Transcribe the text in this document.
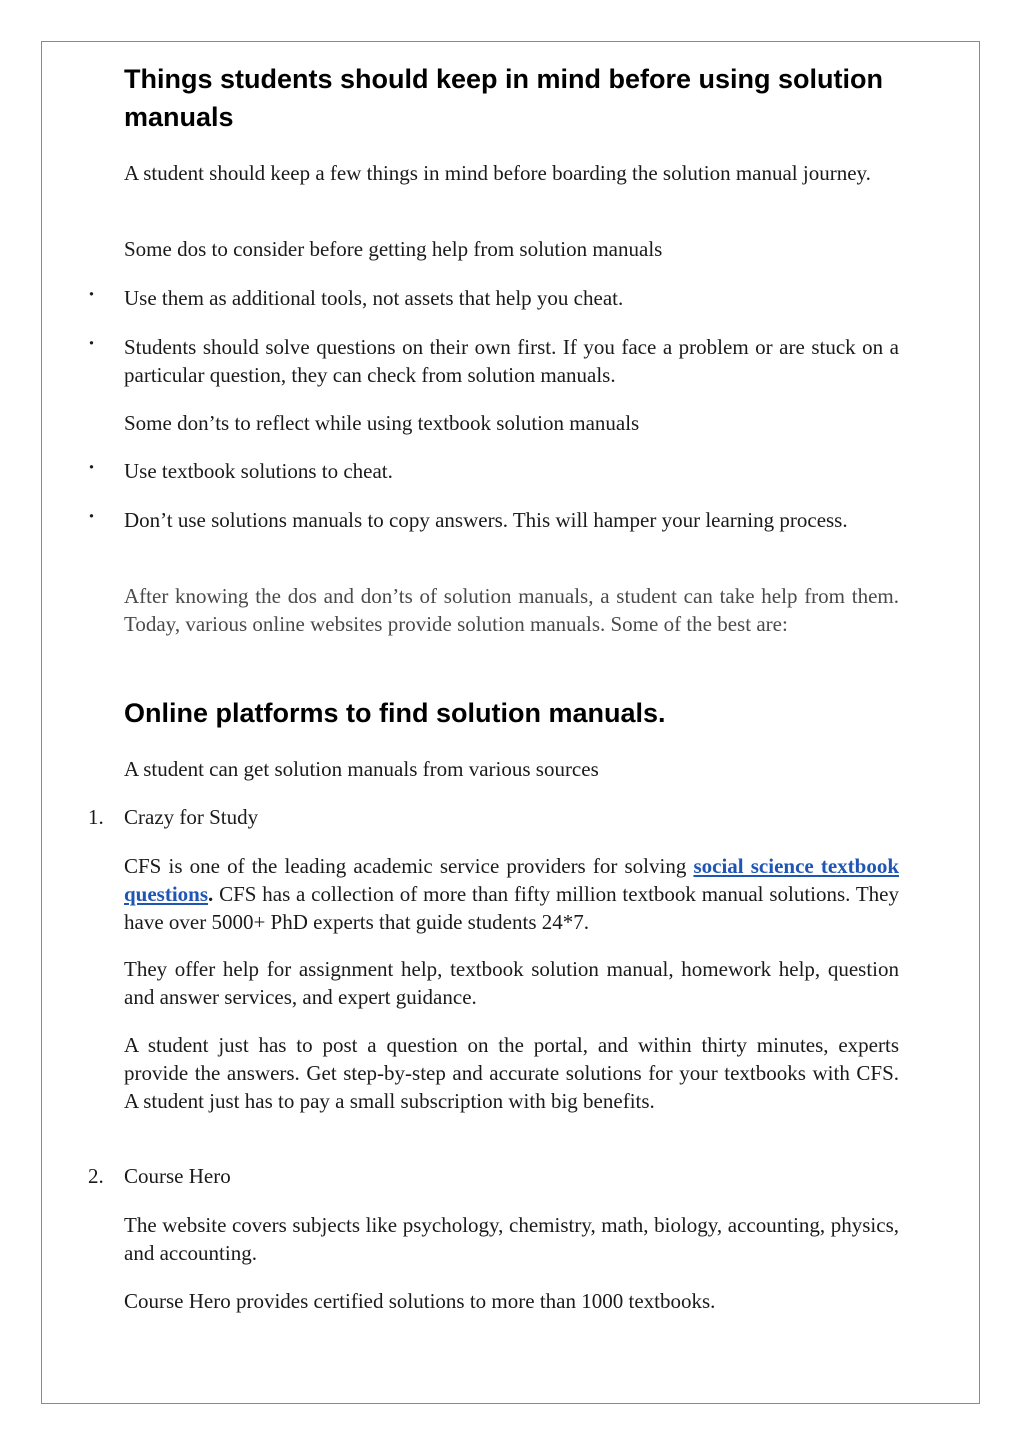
Things students should keep in mind before using solution manuals

A student should keep a few things in mind before boarding the solution manual journey.

Some dos to consider before getting help from solution manuals

·	Use them as additional tools, not assets that help you cheat.
·	Students should solve questions on their own first. If you face a problem or are stuck on a particular question, they can check from solution manuals.

Some don’ts to reflect while using textbook solution manuals

·	Use textbook solutions to cheat.
·	Don’t use solutions manuals to copy answers. This will hamper your learning process.

After knowing the dos and don’ts of solution manuals, a student can take help from them. Today, various online websites provide solution manuals. Some of the best are:

Online platforms to find solution manuals.

A student can get solution manuals from various sources

1. Crazy for Study

CFS is one of the leading academic service providers for solving social science textbook questions. CFS has a collection of more than fifty million textbook manual solutions. They have over 5000+ PhD experts that guide students 24*7.

They offer help for assignment help, textbook solution manual, homework help, question and answer services, and expert guidance.

A student just has to post a question on the portal, and within thirty minutes, experts provide the answers. Get step-by-step and accurate solutions for your textbooks with CFS. A student just has to pay a small subscription with big benefits.

2. Course Hero

The website covers subjects like psychology, chemistry, math, biology, accounting, physics, and accounting.

Course Hero provides certified solutions to more than 1000 textbooks.
